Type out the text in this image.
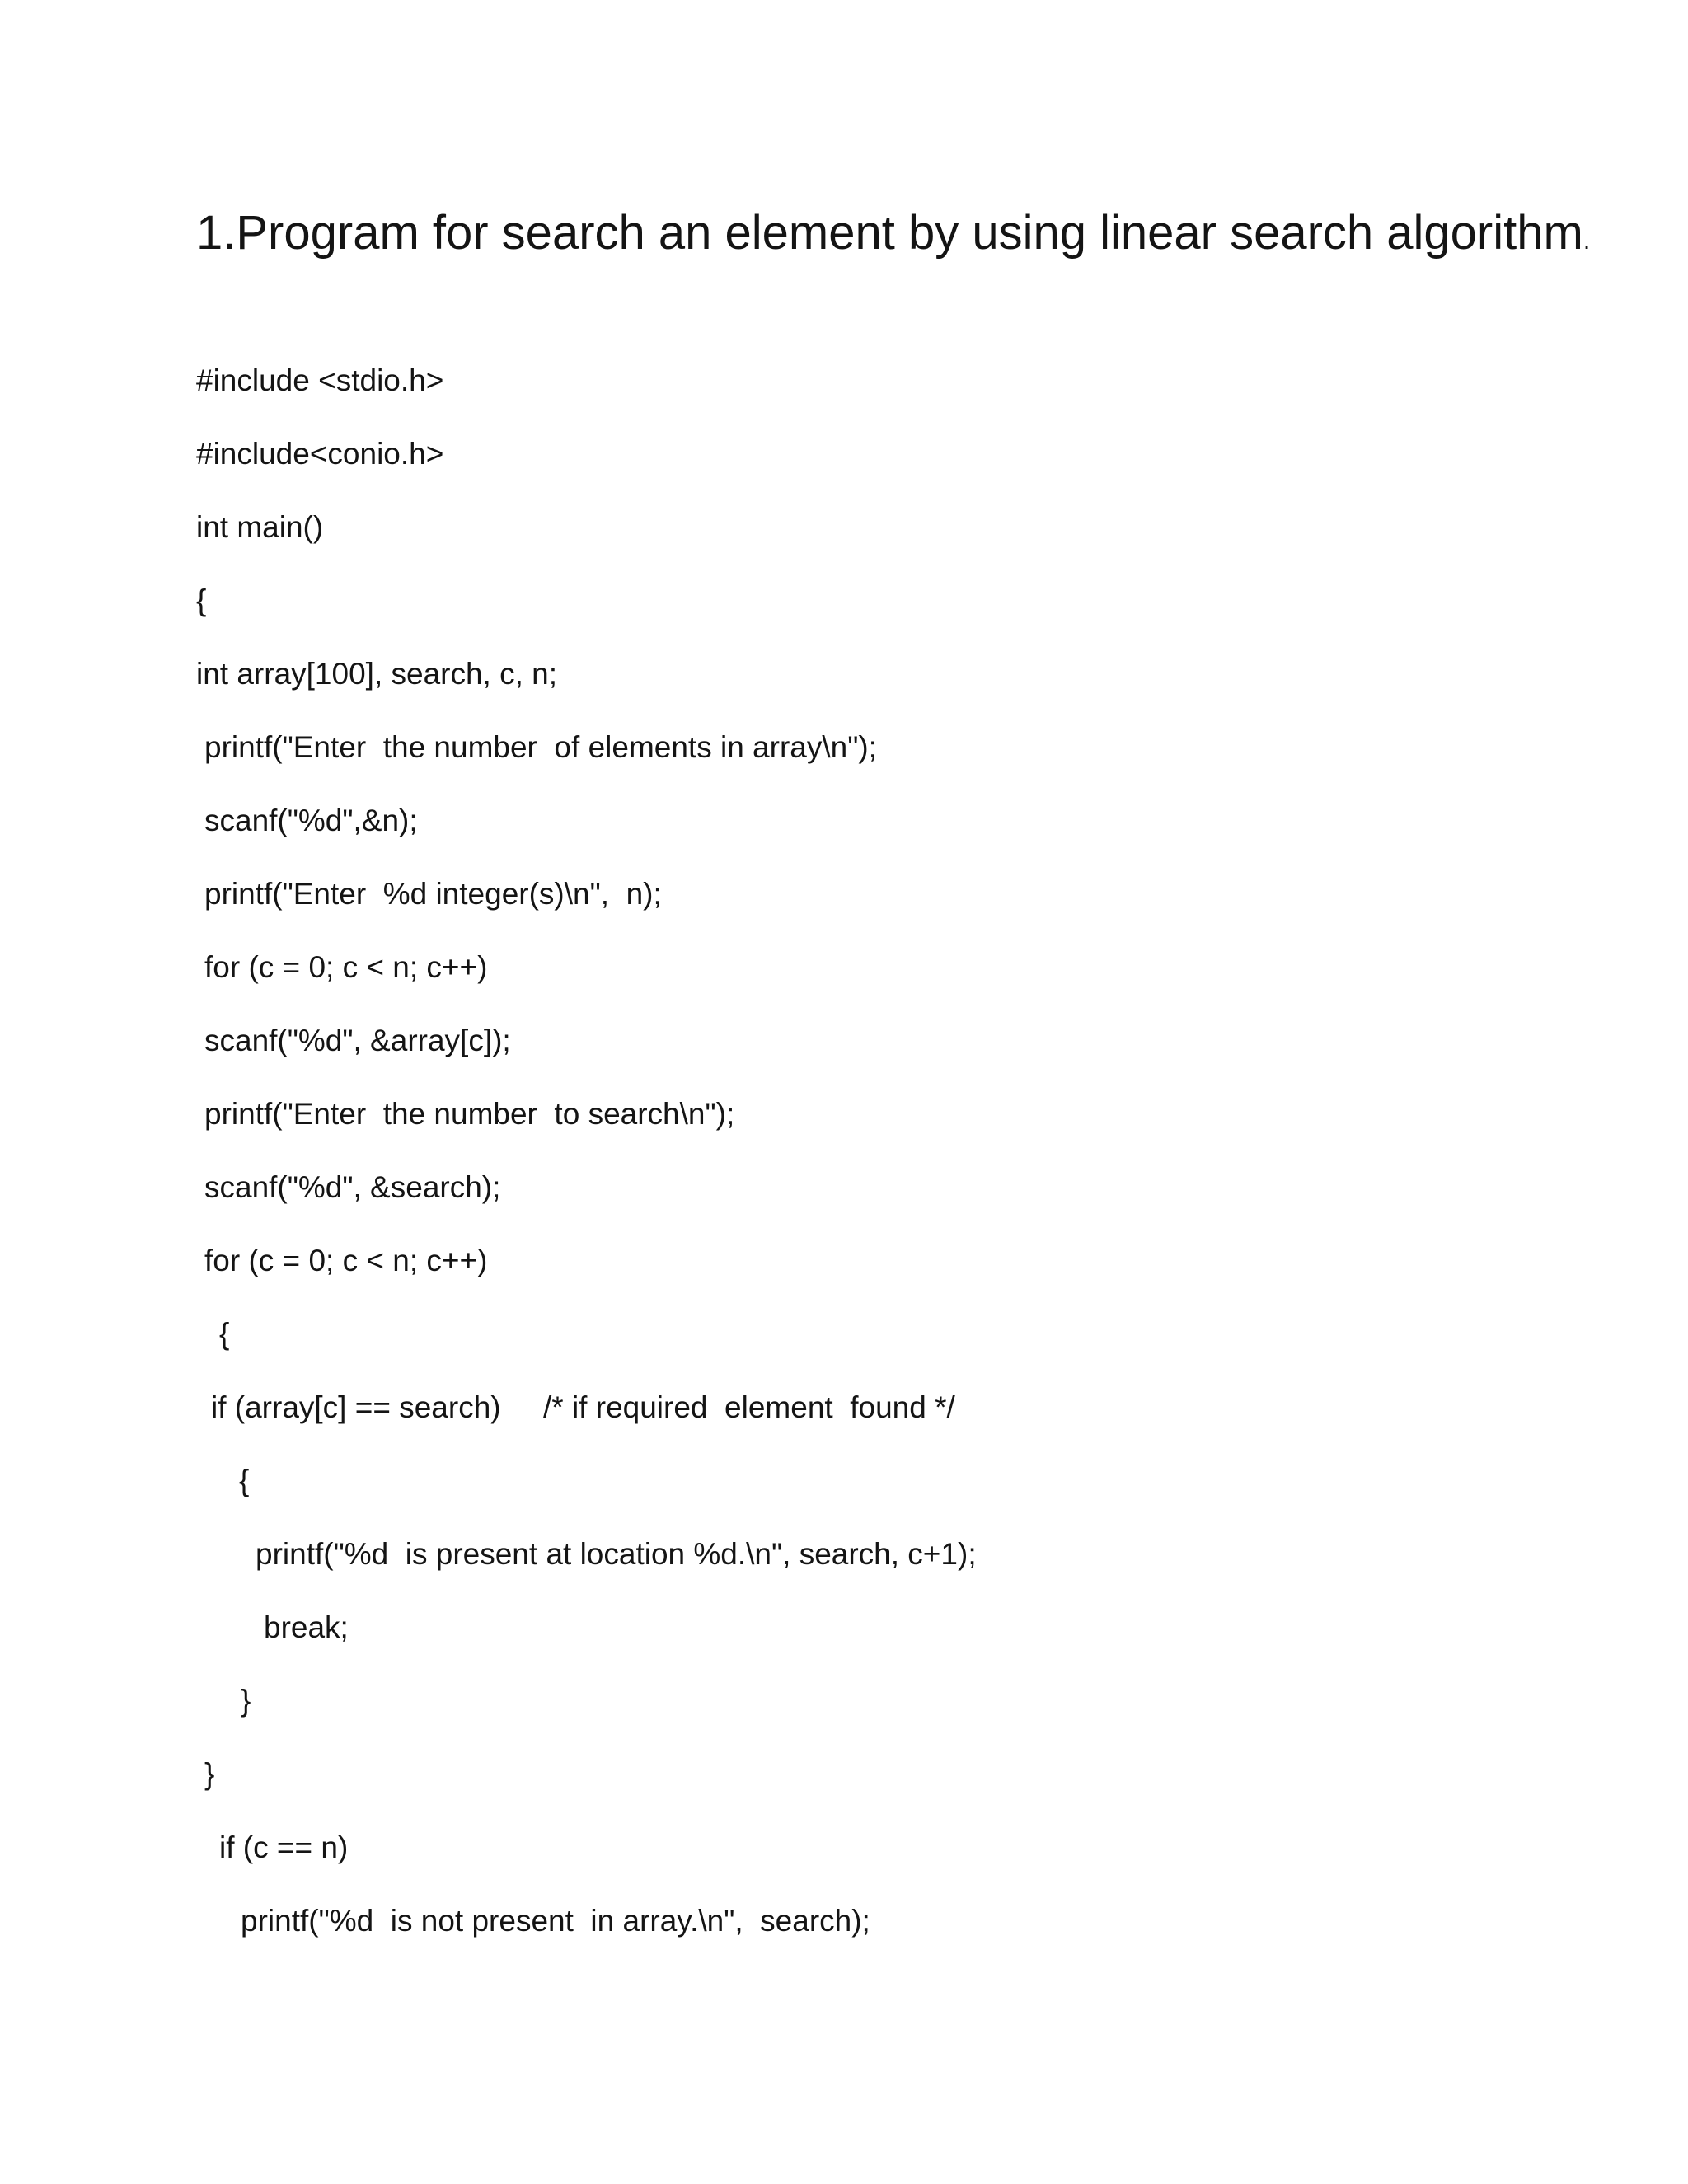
1.Program for search an element by using linear search algorithm.
#include <stdio.h>
#include<conio.h>
int main()
{
int array[100], search, c, n;
printf("Enter  the number  of elements in array\n");
scanf("%d",&n);
printf("Enter  %d integer(s)\n",  n);
for (c = 0; c < n; c++)
scanf("%d", &array[c]);
printf("Enter  the number  to search\n");
scanf("%d", &search);
for (c = 0; c < n; c++)
{
if (array[c] == search)     /* if required  element  found */
{
printf("%d  is present at location %d.\n", search, c+1);
break;
}
}
if (c == n)
printf("%d  is not present  in array.\n",  search);
